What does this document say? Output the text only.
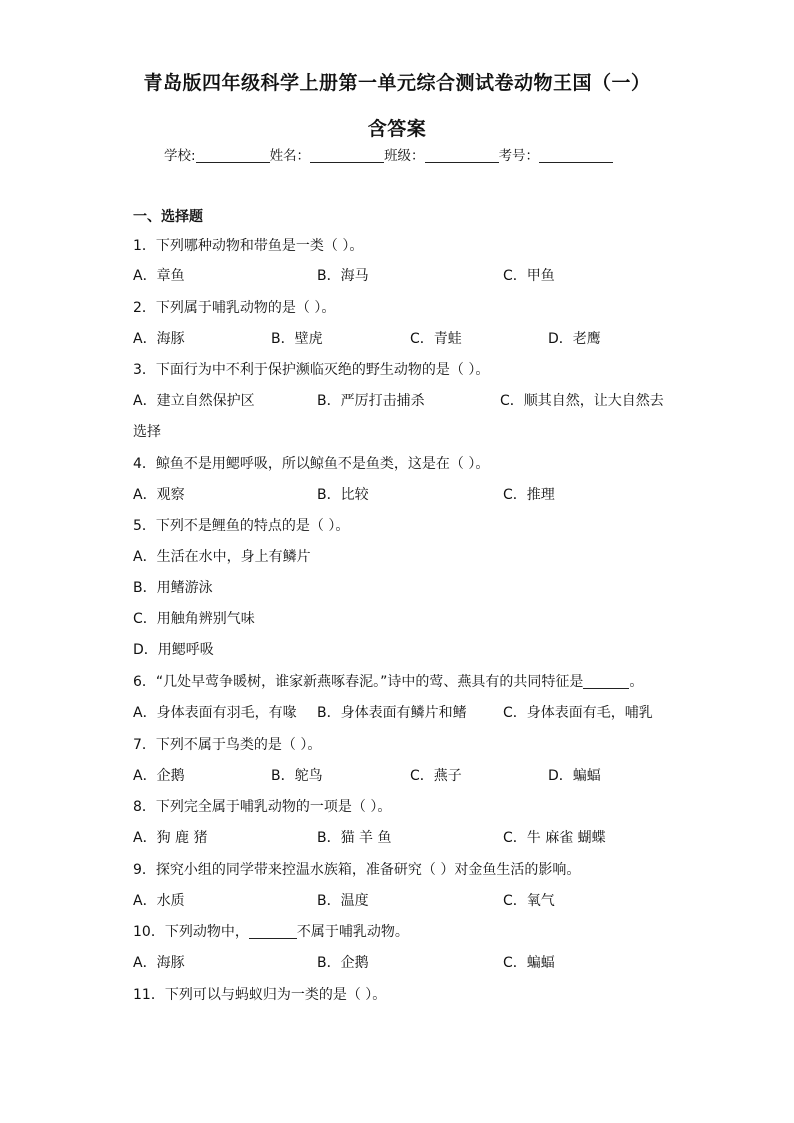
青岛版四年级科学上册第一单元综合测试卷动物王国（一）
含答案
学校:	姓名：	班级：	考号：
一、选择题
1．下列哪种动物和带鱼是一类（ ）。
A．章鱼	B．海马	C．甲鱼
2．下列属于哺乳动物的是（ ）。
A．海豚	B．壁虎	C．青蛙	D．老鹰
3．下面行为中不利于保护濒临灭绝的野生动物的是（ ）。
A．建立自然保护区	B．严厉打击捕杀	C．顺其自然，让大自然去
选择
4．鲸鱼不是用鳃呼吸，所以鲸鱼不是鱼类，这是在（ ）。
A．观察	B．比较	C．推理
5．下列不是鲤鱼的特点的是（ ）。
A．生活在水中，身上有鳞片
B．用鳍游泳
C．用触角辨别气味
D．用鳃呼吸
6．“几处早莺争暖树，谁家新燕啄春泥。”诗中的莺、燕具有的共同特征是	。
A．身体表面有羽毛，有喙 B．身体表面有鳞片和鳍	C．身体表面有毛，哺乳
7．下列不属于鸟类的是（ ）。
A．企鹅	B．鸵鸟	C．燕子	D．蝙蝠
8．下列完全属于哺乳动物的一项是（ ）。
A．狗 鹿 猪	B．猫 羊 鱼	C．牛 麻雀 蝴蝶
9．探究小组的同学带来控温水族箱，准备研究（ ）对金鱼生活的影响。
A．水质	B．温度	C．氧气
10．下列动物中，	不属于哺乳动物。
A．海豚	B．企鹅	C．蝙蝠
11．下列可以与蚂蚁归为一类的是（ ）。
